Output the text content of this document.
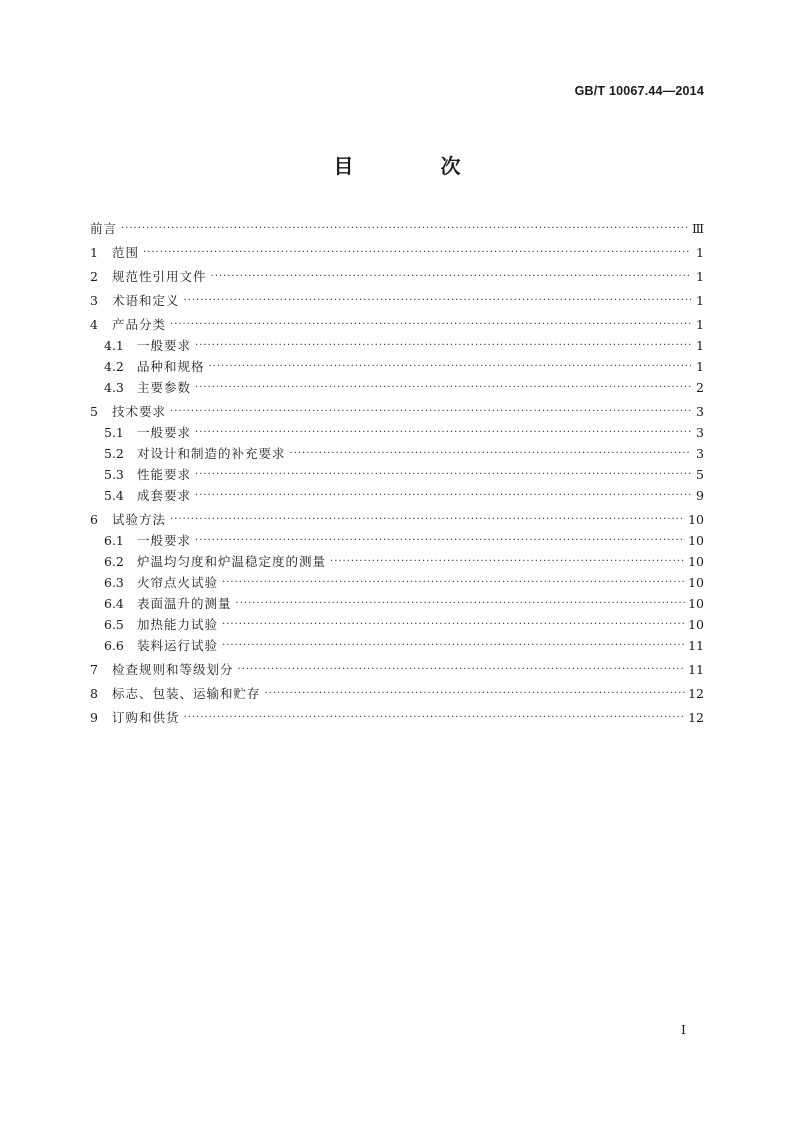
GB/T 10067.44—2014
目 次
前言 ·····	Ⅲ
1	范围 ·····	1
2	规范性引用文件 ·····	1
3	术语和定义 ·····	1
4	产品分类 ·····	1
4.1	一般要求 ·····	1
4.2	品种和规格 ·····	1
4.3	主要参数 ·····	2
5	技术要求 ·····	3
5.1	一般要求 ·····	3
5.2	对设计和制造的补充要求 ·····	3
5.3	性能要求 ·····	5
5.4	成套要求 ·····	9
6	试验方法 ·····	10
6.1	一般要求 ·····	10
6.2	炉温均匀度和炉温稳定度的测量 ·····	10
6.3	火帘点火试验 ·····	10
6.4	表面温升的测量 ·····	10
6.5	加热能力试验 ·····	10
6.6	装料运行试验 ·····	11
7	检查规则和等级划分 ·····	11
8	标志、包装、运输和贮存 ·····	12
9	订购和供货 ·····	12
Ⅰ
